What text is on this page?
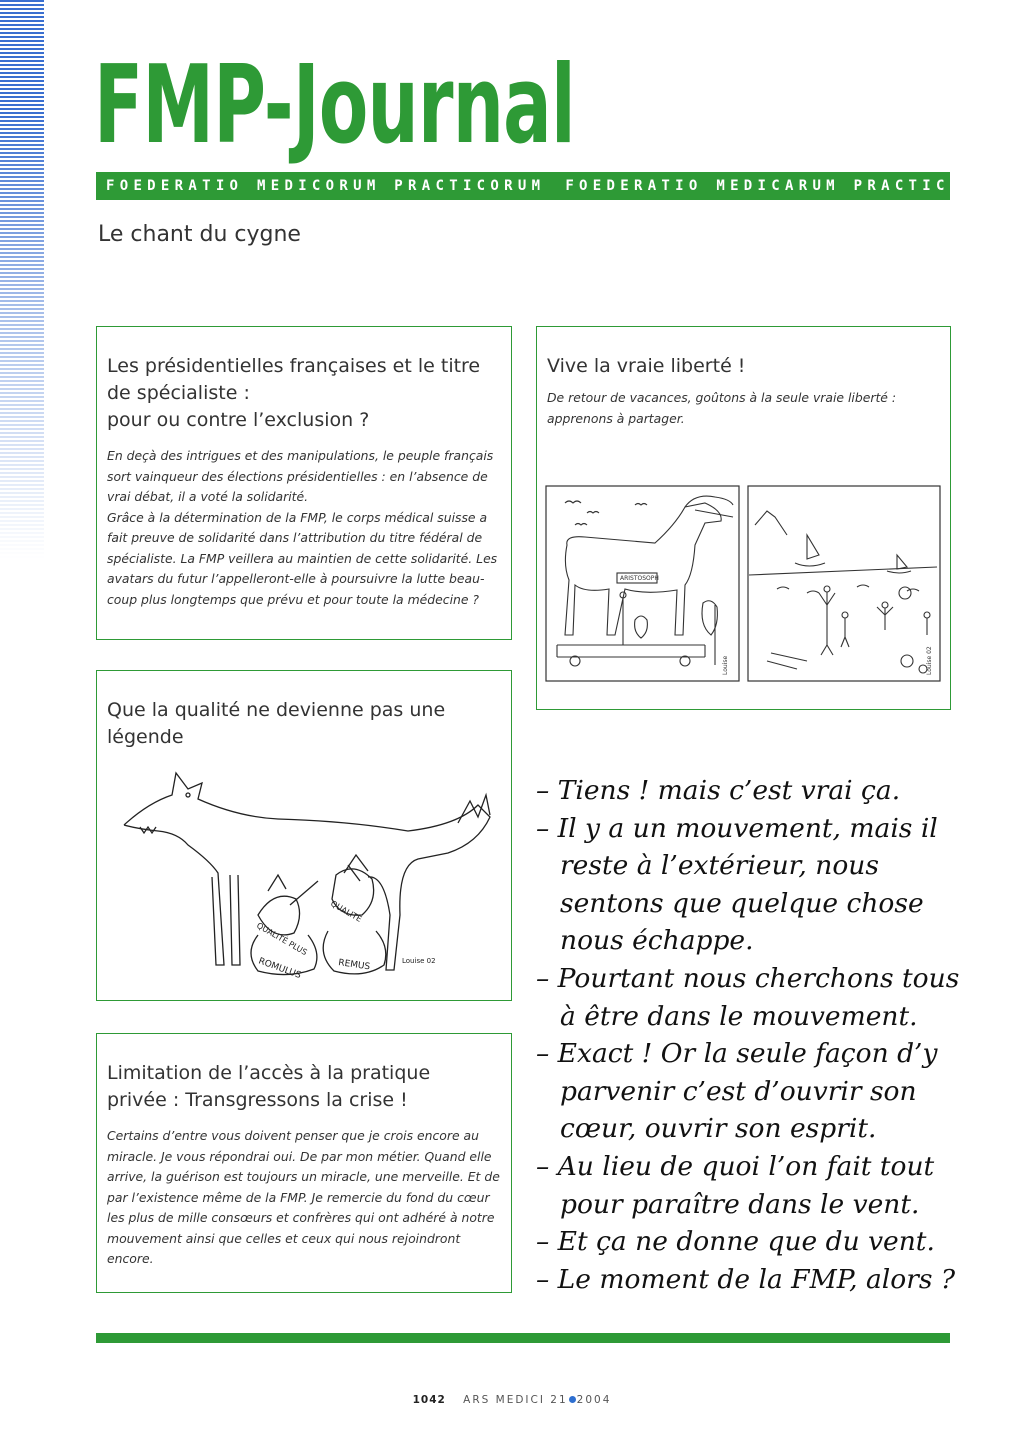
FMP-Journal
FOEDERATIO MEDICORUM PRACTICORUM FOEDERATIO MEDICARUM PRACTICARUM
Le chant du cygne
Les présidentielles françaises et le titre
de spécialiste :
pour ou contre l’exclusion ?

En deçà des intrigues et des manipulations, le peuple français
sort vainqueur des élections présidentielles : en l’absence de
vrai débat, il a voté la solidarité.
Grâce à la détermination de la FMP, le corps médical suisse a
fait preuve de solidarité dans l’attribution du titre fédéral de
spécialiste. La FMP veillera au maintien de cette solidarité. Les
avatars du futur l’appelleront-elle à poursuivre la lutte beau-
coup plus longtemps que prévu et pour toute la médecine ?

Vive la vraie liberté !

De retour de vacances, goûtons à la seule vraie liberté :
apprenons à partager.

ARISTOSOPH
Louise	Louise 02
Que la qualité ne devienne pas une
légende
QUALITÉ PLUS
QUALITÉ
ROMULUS	REMUS	Louise 02
Limitation de l’accès à la pratique
privée : Transgressons la crise !

Certains d’entre vous doivent penser que je crois encore au
miracle. Je vous répondrai oui. De par mon métier. Quand elle
arrive, la guérison est toujours un miracle, une merveille. Et de
par l’existence même de la FMP. Je remercie du fond du cœur
les plus de mille consœurs et confrères qui ont adhéré à notre
mouvement ainsi que celles et ceux qui nous rejoindront
encore.

– Tiens ! mais c’est vrai ça.
– Il y a un mouvement, mais il reste à l’extérieur, nous sentons que quelque chose nous échappe.
– Pourtant nous cherchons tous à être dans le mouvement.
– Exact ! Or la seule façon d’y parvenir c’est d’ouvrir son cœur, ouvrir son esprit.
– Au lieu de quoi l’on fait tout pour paraître dans le vent.
– Et ça ne donne que du vent.
– Le moment de la FMP, alors ?
1042 ARS MEDICI 21 2004
